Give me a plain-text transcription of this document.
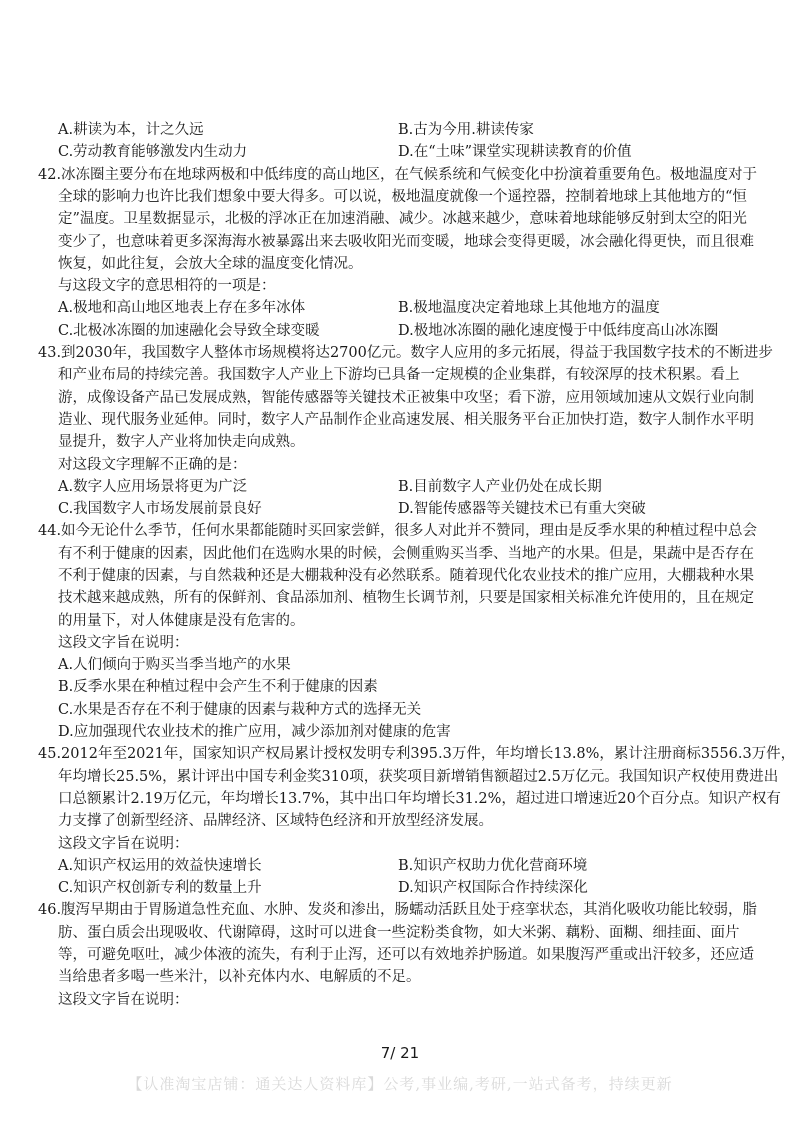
A.耕读为本，计之久远	B.古为今用.耕读传家
C.劳动教育能够激发内生动力	D.在“土味”课堂实现耕读教育的价值
42.冰冻圈主要分布在地球两极和中低纬度的高山地区，在气候系统和气候变化中扮演着重要角色。极地温度对于
全球的影响力也许比我们想象中要大得多。可以说，极地温度就像一个遥控器，控制着地球上其他地方的“恒
定”温度。卫星数据显示，北极的浮冰正在加速消融、减少。冰越来越少，意味着地球能够反射到太空的阳光
变少了，也意味着更多深海海水被暴露出来去吸收阳光而变暖，地球会变得更暖，冰会融化得更快，而且很难
恢复，如此往复，会放大全球的温度变化情况。
与这段文字的意思相符的一项是：
A.极地和高山地区地表上存在多年冰体	B.极地温度决定着地球上其他地方的温度
C.北极冰冻圈的加速融化会导致全球变暖	D.极地冰冻圈的融化速度慢于中低纬度高山冰冻圈
43.到2030年，我国数字人整体市场规模将达2700亿元。数字人应用的多元拓展，得益于我国数字技术的不断进步
和产业布局的持续完善。我国数字人产业上下游均已具备一定规模的企业集群，有较深厚的技术积累。看上
游，成像设备产品已发展成熟，智能传感器等关键技术正被集中攻坚；看下游，应用领域加速从文娱行业向制
造业、现代服务业延伸。同时，数字人产品制作企业高速发展、相关服务平台正加快打造，数字人制作水平明
显提升，数字人产业将加快走向成熟。
对这段文字理解不正确的是：
A.数字人应用场景将更为广泛	B.目前数字人产业仍处在成长期
C.我国数字人市场发展前景良好	D.智能传感器等关键技术已有重大突破
44.如今无论什么季节，任何水果都能随时买回家尝鲜，很多人对此并不赞同，理由是反季水果的种植过程中总会
有不利于健康的因素，因此他们在选购水果的时候，会侧重购买当季、当地产的水果。但是，果蔬中是否存在
不利于健康的因素，与自然栽种还是大棚栽种没有必然联系。随着现代化农业技术的推广应用，大棚栽种水果
技术越来越成熟，所有的保鲜剂、食品添加剂、植物生长调节剂，只要是国家相关标准允许使用的，且在规定
的用量下，对人体健康是没有危害的。
这段文字旨在说明：
A.人们倾向于购买当季当地产的水果
B.反季水果在种植过程中会产生不利于健康的因素
C.水果是否存在不利于健康的因素与栽种方式的选择无关
D.应加强现代农业技术的推广应用，减少添加剂对健康的危害
45.2012年至2021年，国家知识产权局累计授权发明专利395.3万件，年均增长13.8%，累计注册商标3556.3万件，
年均增长25.5%，累计评出中国专利金奖310项，获奖项目新增销售额超过2.5万亿元。我国知识产权使用费进出
口总额累计2.19万亿元，年均增长13.7%，其中出口年均增长31.2%，超过进口增速近20个百分点。知识产权有
力支撑了创新型经济、品牌经济、区域特色经济和开放型经济发展。
这段文字旨在说明：
A.知识产权运用的效益快速增长	B.知识产权助力优化营商环境
C.知识产权创新专利的数量上升	D.知识产权国际合作持续深化
46.腹泻早期由于胃肠道急性充血、水肿、发炎和渗出，肠蠕动活跃且处于痉挛状态，其消化吸收功能比较弱，脂
肪、蛋白质会出现吸收、代谢障碍，这时可以进食一些淀粉类食物，如大米粥、藕粉、面糊、细挂面、面片
等，可避免呕吐，减少体液的流失，有利于止泻，还可以有效地养护肠道。如果腹泻严重或出汗较多，还应适
当给患者多喝一些米汁，以补充体内水、电解质的不足。
7/ 21
【认准淘宝店铺：通关达人资料库】公考,事业编,考研,一站式备考，持续更新
这段文字旨在说明：
